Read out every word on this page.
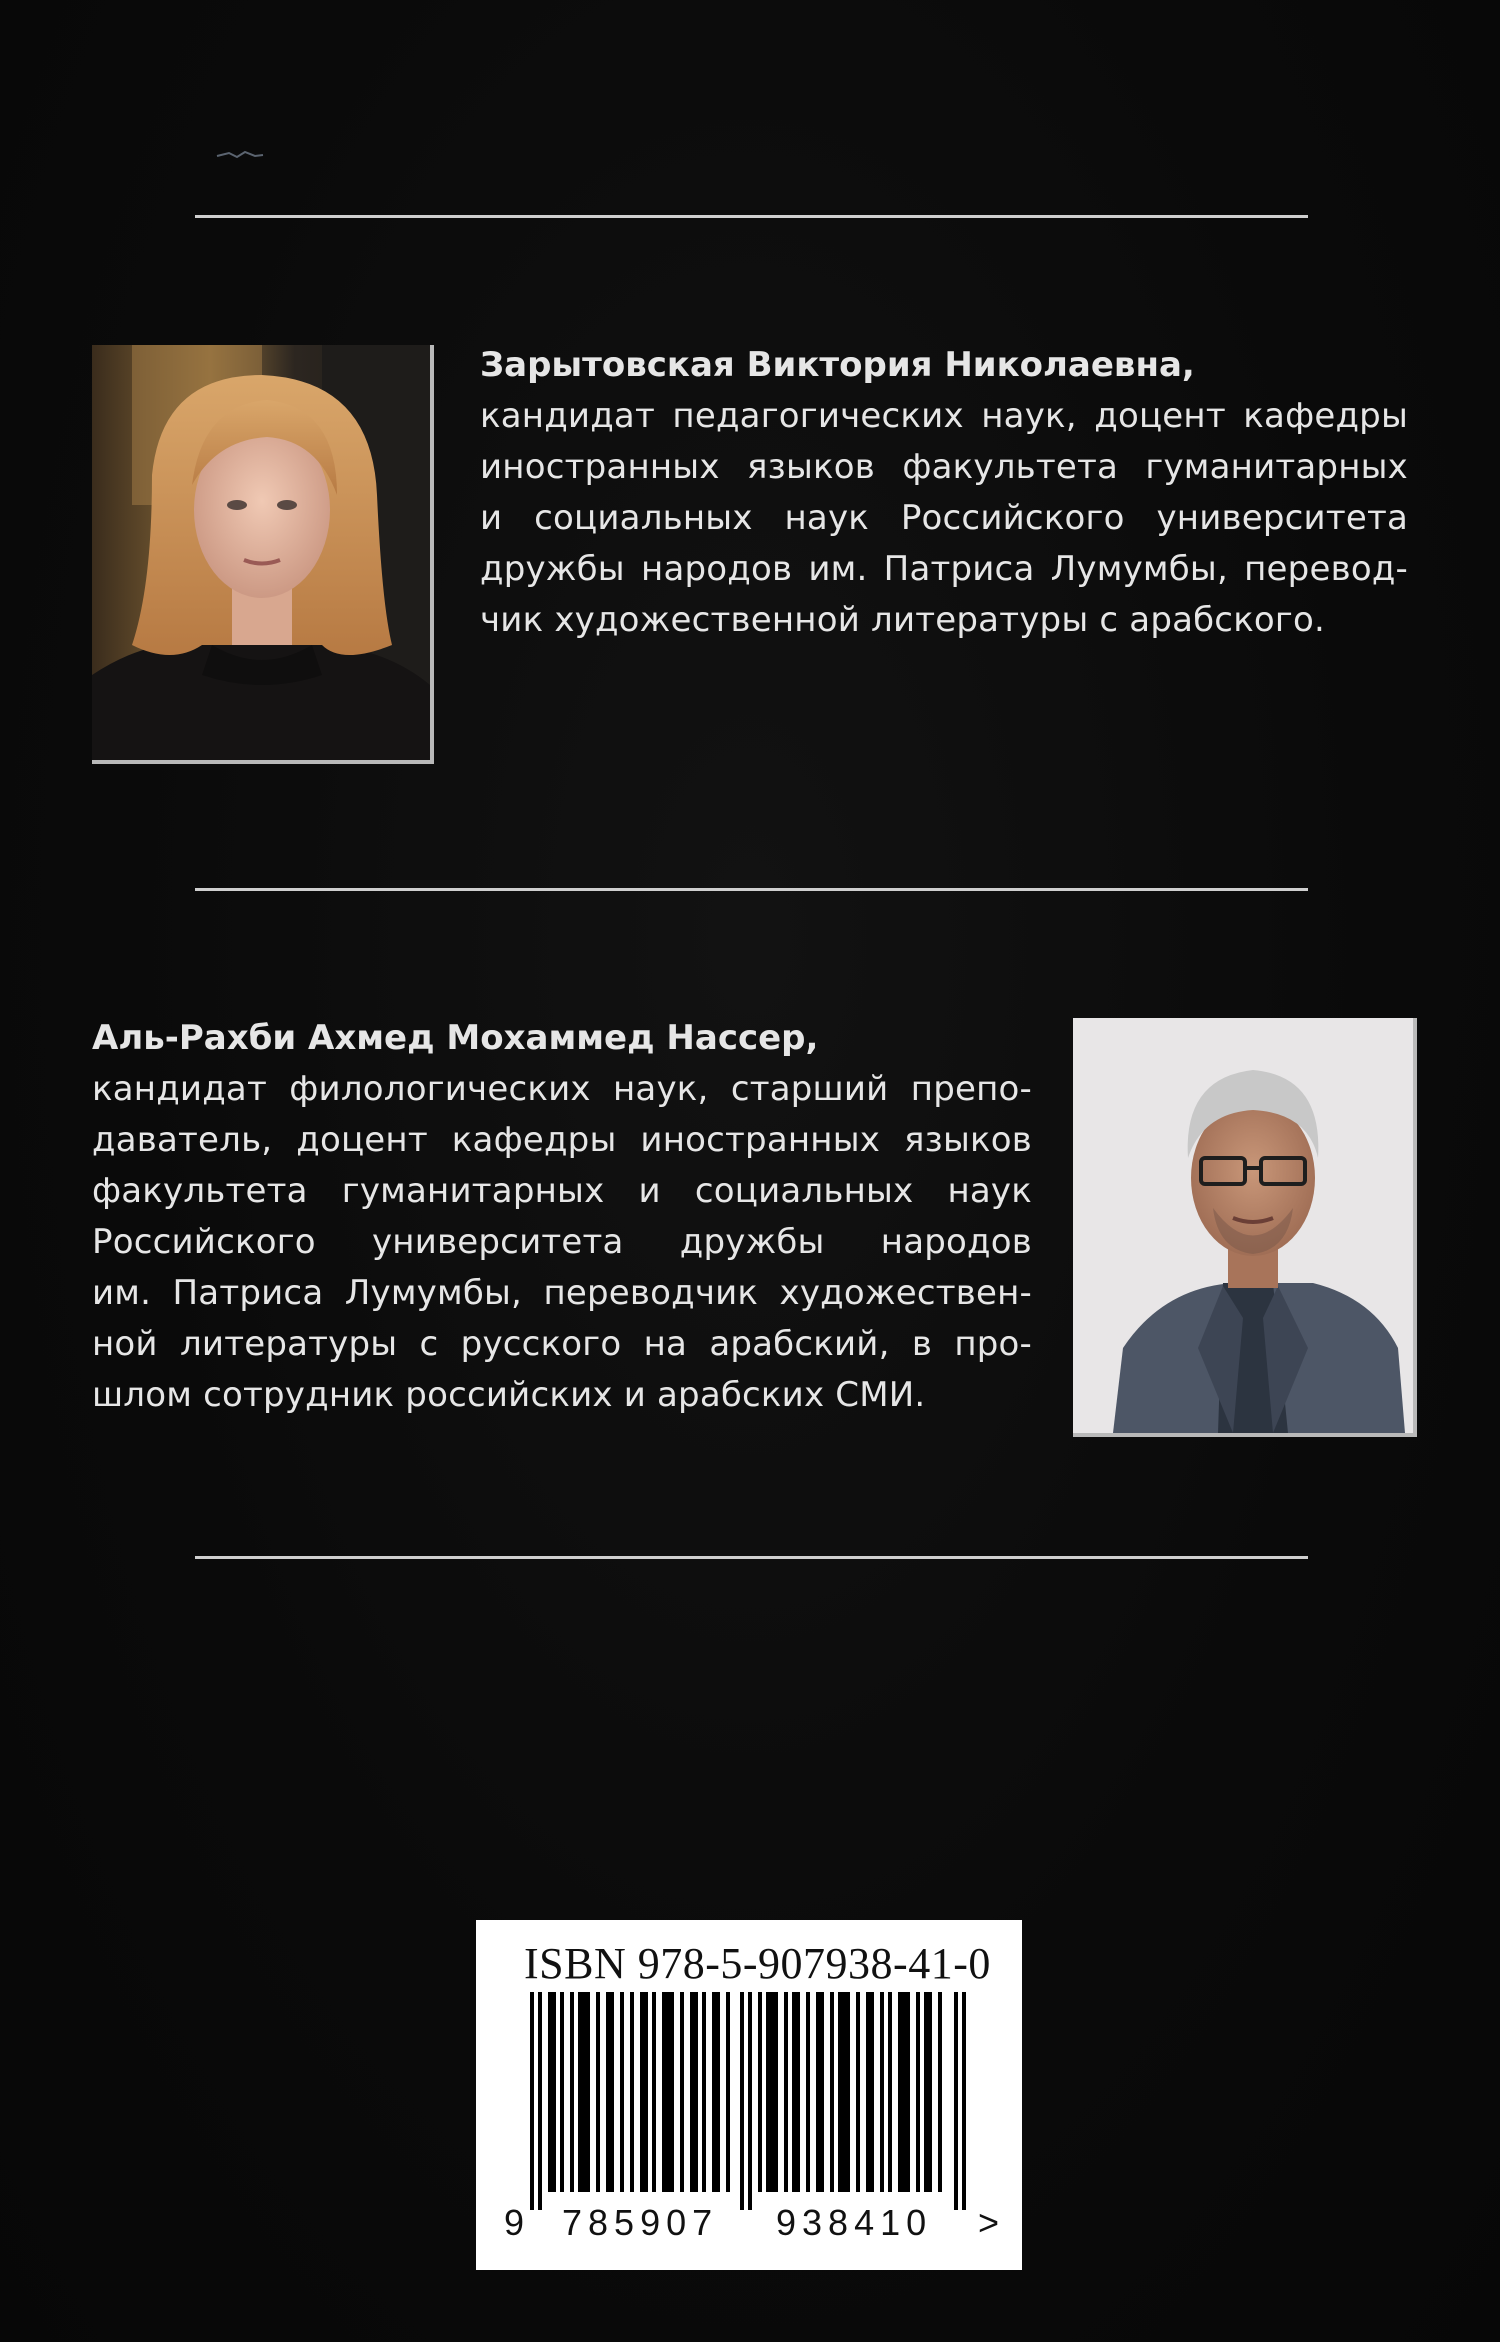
Зарытовская Виктория Николаевна,
кандидат педагогических наук, доцент кафедры
иностранных языков факультета гуманитарных
и социальных наук Российского университета
дружбы народов им. Патриса Лумумбы, перевод-
чик художественной литературы с арабского.
Аль-Рахби Ахмед Мохаммед Нассер,
кандидат филологических наук, старший препо-
даватель, доцент кафедры иностранных языков
факультета гуманитарных и социальных наук
Российского университета дружбы народов
им. Патриса Лумумбы, переводчик художествен-
ной литературы с русского на арабский, в про-
шлом сотрудник российских и арабских СМИ.
ISBN 978-5-907938-41-0
9 785907 938410 >
